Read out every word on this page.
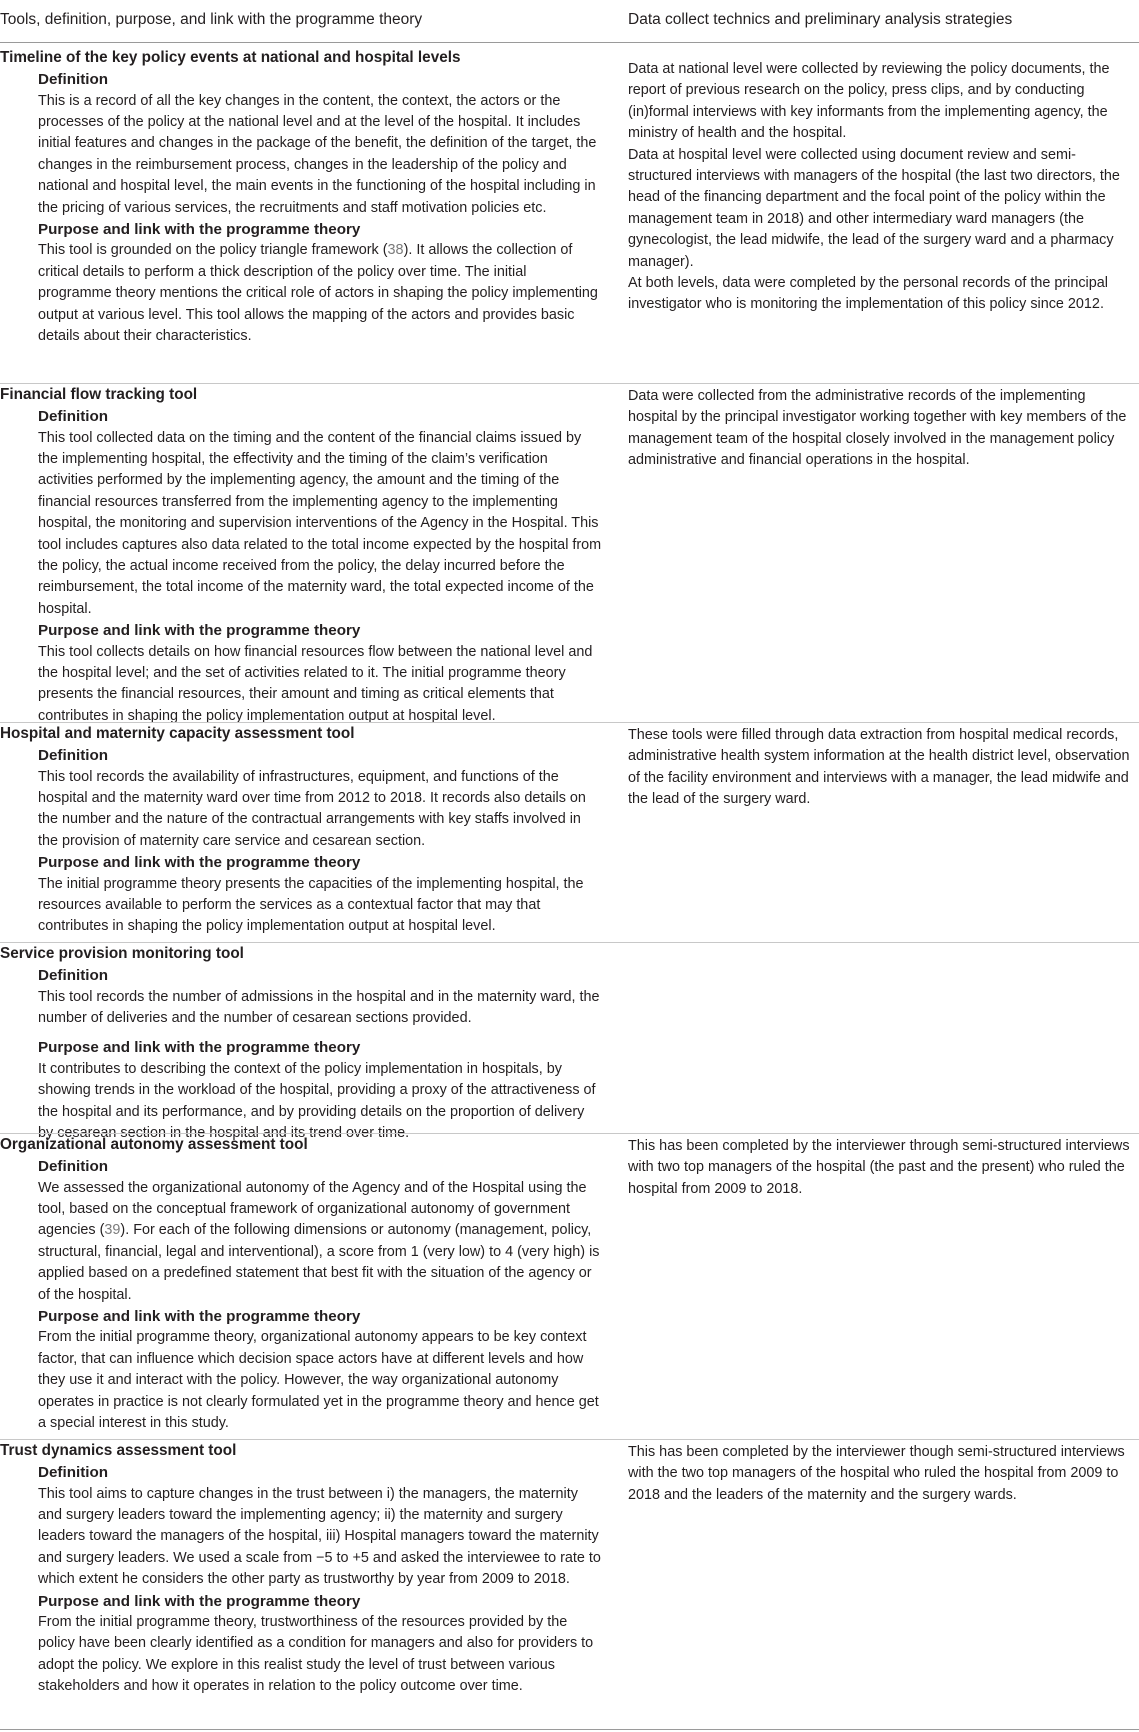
Tools, definition, purpose, and link with the programme theory	Data collect technics and preliminary analysis strategies

Timeline of the key policy events at national and hospital levels

Definition

This is a record of all the key changes in the content, the context, the actors or the processes of the policy at the national level and at the level of the hospital. It includes initial features and changes in the package of the benefit, the definition of the target, the changes in the reimbursement process, changes in the leadership of the policy and national and hospital level, the main events in the functioning of the hospital including in the pricing of various services, the recruitments and staff motivation policies etc.

Purpose and link with the programme theory

This tool is grounded on the policy triangle framework (38). It allows the collection of critical details to perform a thick description of the policy over time. The initial programme theory mentions the critical role of actors in shaping the policy implementing output at various level. This tool allows the mapping of the actors and provides basic details about their characteristics.

Data at national level were collected by reviewing the policy documents, the report of previous research on the policy, press clips, and by conducting (in)formal interviews with key informants from the implementing agency, the ministry of health and the hospital.

Data at hospital level were collected using document review and semi-structured interviews with managers of the hospital (the last two directors, the head of the financing department and the focal point of the policy within the management team in 2018) and other intermediary ward managers (the gynecologist, the lead midwife, the lead of the surgery ward and a pharmacy manager).

At both levels, data were completed by the personal records of the principal investigator who is monitoring the implementation of this policy since 2012.

Financial flow tracking tool

Definition

This tool collected data on the timing and the content of the financial claims issued by the implementing hospital, the effectivity and the timing of the claim’s verification activities performed by the implementing agency, the amount and the timing of the financial resources transferred from the implementing agency to the implementing hospital, the monitoring and supervision interventions of the Agency in the Hospital. This tool includes captures also data related to the total income expected by the hospital from the policy, the actual income received from the policy, the delay incurred before the reimbursement, the total income of the maternity ward, the total expected income of the hospital.

Purpose and link with the programme theory

This tool collects details on how financial resources flow between the national level and the hospital level; and the set of activities related to it. The initial programme theory presents the financial resources, their amount and timing as critical elements that contributes in shaping the policy implementation output at hospital level.

Data were collected from the administrative records of the implementing hospital by the principal investigator working together with key members of the management team of the hospital closely involved in the management policy administrative and financial operations in the hospital.

Hospital and maternity capacity assessment tool

Definition

This tool records the availability of infrastructures, equipment, and functions of the hospital and the maternity ward over time from 2012 to 2018. It records also details on the number and the nature of the contractual arrangements with key staffs involved in the provision of maternity care service and cesarean section.

Purpose and link with the programme theory

The initial programme theory presents the capacities of the implementing hospital, the resources available to perform the services as a contextual factor that may that contributes in shaping the policy implementation output at hospital level.

These tools were filled through data extraction from hospital medical records, administrative health system information at the health district level, observation of the facility environment and interviews with a manager, the lead midwife and the lead of the surgery ward.

Service provision monitoring tool

Definition

This tool records the number of admissions in the hospital and in the maternity ward, the number of deliveries and the number of cesarean sections provided.

Purpose and link with the programme theory

It contributes to describing the context of the policy implementation in hospitals, by showing trends in the workload of the hospital, providing a proxy of the attractiveness of the hospital and its performance, and by providing details on the proportion of delivery by cesarean section in the hospital and its trend over time.

Organizational autonomy assessment tool

Definition

We assessed the organizational autonomy of the Agency and of the Hospital using the tool, based on the conceptual framework of organizational autonomy of government agencies (39). For each of the following dimensions or autonomy (management, policy, structural, financial, legal and interventional), a score from 1 (very low) to 4 (very high) is applied based on a predefined statement that best fit with the situation of the agency or of the hospital.

Purpose and link with the programme theory

From the initial programme theory, organizational autonomy appears to be key context factor, that can influence which decision space actors have at different levels and how they use it and interact with the policy. However, the way organizational autonomy operates in practice is not clearly formulated yet in the programme theory and hence get a special interest in this study.

This has been completed by the interviewer through semi-structured interviews with two top managers of the hospital (the past and the present) who ruled the hospital from 2009 to 2018.

Trust dynamics assessment tool

Definition

This tool aims to capture changes in the trust between i) the managers, the maternity and surgery leaders toward the implementing agency; ii) the maternity and surgery leaders toward the managers of the hospital, iii) Hospital managers toward the maternity and surgery leaders. We used a scale from −5 to +5 and asked the interviewee to rate to which extent he considers the other party as trustworthy by year from 2009 to 2018.

Purpose and link with the programme theory

From the initial programme theory, trustworthiness of the resources provided by the policy have been clearly identified as a condition for managers and also for providers to adopt the policy. We explore in this realist study the level of trust between various stakeholders and how it operates in relation to the policy outcome over time.

This has been completed by the interviewer though semi-structured interviews with the two top managers of the hospital who ruled the hospital from 2009 to 2018 and the leaders of the maternity and the surgery wards.
